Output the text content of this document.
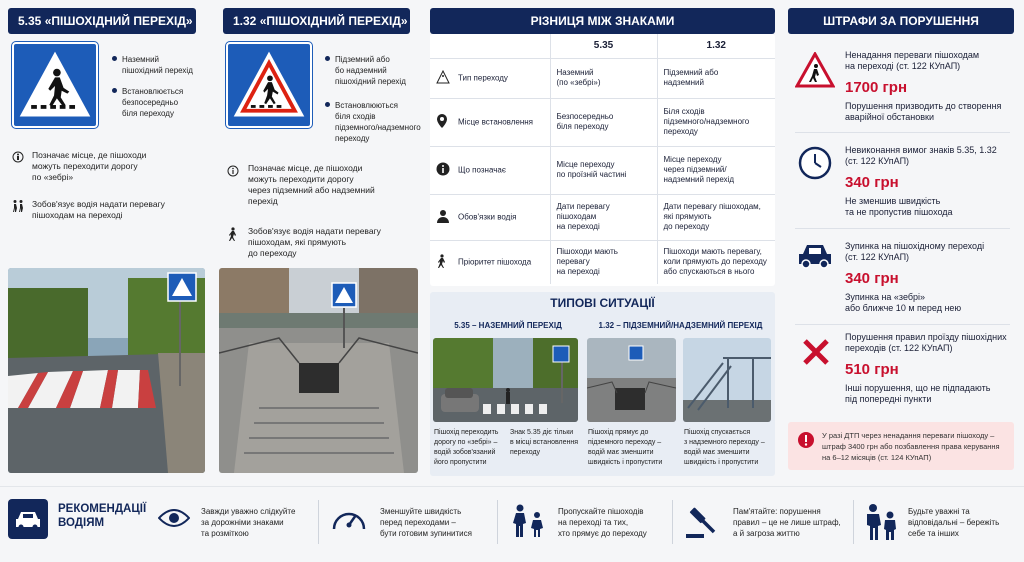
5.35 «ПІШОХІДНИЙ ПЕРЕХІД»
Наземний
пішохідний перехід
Встановлюється
безпосередньо
біля переходу
Позначає місце, де пішоходи
можуть переходити дорогу
по «зебрі»
Зобов'язує водія надати перевагу
пішоходам на переході
1.32 «ПІШОХІДНИЙ ПЕРЕХІД»
Підземний або
бо надземний
пішохідний перехід
Встановлюються
біля сходів
підземного/надземного
переходу
Позначає місце, де пішоходи
можуть переходити дорогу
через підземний або надземний
перехід
Зобов'язує водія надати перевагу
пішоходам, які прямують
до переходу
РІЗНИЦЯ МІЖ ЗНАКАМИ
	5.35	1.32
Тип переходу	Наземний
(по «зебрі»)	Підземний або
надземний
Місце встановлення	Безпосередньо
біля переходу	Біля сходів
підземного/надземного
переходу
Що позначає	Місце переходу
по проїзній частині	Місце переходу
через підземний/
надземний перехід
Обов'язки водія	Дати перевагу пішоходам
на переході	Дати перевагу пішоходам,
які прямують
до переходу
Пріоритет пішохода	Пішоходи мають перевагу
на переході	Пішоходи мають перевагу,
коли прямують до переходу
або спускаються в нього
ТИПОВІ СИТУАЦІЇ
5.35 – НАЗЕМНИЙ ПЕРЕХІД	1.32 – ПІДЗЕМНИЙ/НАДЗЕМНИЙ ПЕРЕХІД
Пішохід переходить
дорогу по «зебрі» –
водій зобов'язаний
його пропустити
Знак 5.35 діє тільки
в місці встановлення
переходу
Пішохід прямує до
підземного переходу –
водій має зменшити
швидкість і пропустити
Пішохід спускається
з надземного переходу –
водій має зменшити
швидкість і пропустити
ШТРАФИ ЗА ПОРУШЕННЯ
Ненадання переваги пішоходам
на переході (ст. 122 КУпАП)
1700 грн
Порушення призводить до створення
аварійної обстановки
Невиконання вимог знаків 5.35, 1.32
(ст. 122 КУпАП)
340 грн
Не зменшив швидкість
та не пропустив пішохода
Зупинка на пішохідному переході
(ст. 122 КУпАП)
340 грн
Зупинка на «зебрі»
або ближче 10 м перед нею
Порушення правил проїзду пішохідних
переходів (ст. 122 КУпАП)
510 грн
Інші порушення, що не підпадають
під попередні пункти
У разі ДТП через ненадання переваги пішоходу –
штраф 3400 грн або позбавлення права керування
на 6–12 місяців (ст. 124 КУпАП)
РЕКОМЕНДАЦІЇ
ВОДІЯМ
Завжди уважно слідкуйте
за дорожніми знаками
та розміткою
Зменшуйте швидкість
перед переходами –
бути готовим зупинитися
Пропускайте пішоходів
на переході та тих,
хто прямує до переходу
Пам'ятайте: порушення
правил – це не лише штраф,
а й загроза життю
Будьте уважні та
відповідальні – бережіть
себе та інших
